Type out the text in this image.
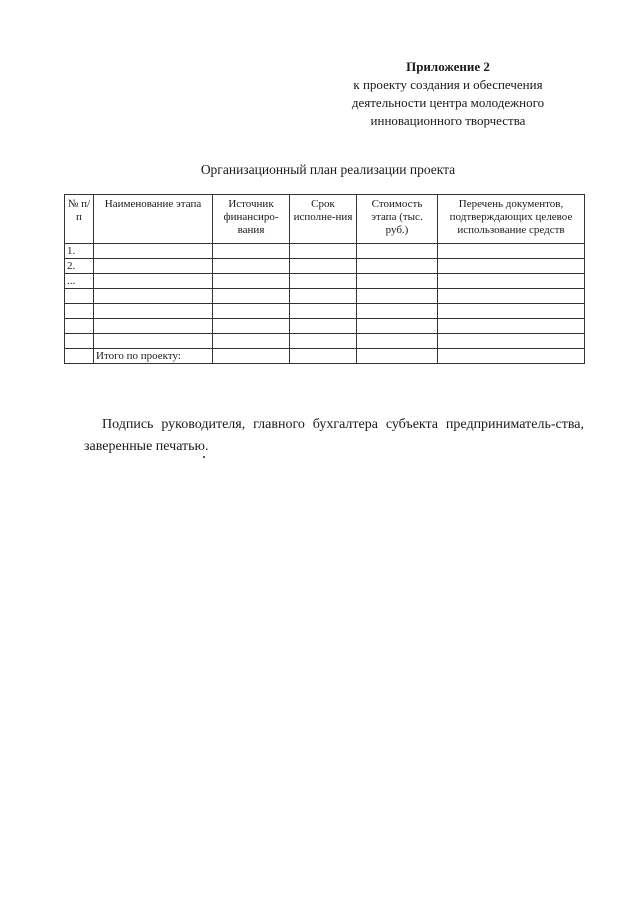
Приложение 2
к проекту создания и обеспечения
деятельности центра молодежного
инновационного творчества
Организационный план реализации проекта
№ п/п	Наименование этапа	Источник финансиро-вания	Срок исполне-ния	Стоимость этапа (тыс. руб.)	Перечень документов, подтверждающих целевое использование средств
1.					
2.					
...					

	Итого по проекту:				

Подпись руководителя, главного бухгалтера субъекта предприниматель-ства, заверенные печатью.
